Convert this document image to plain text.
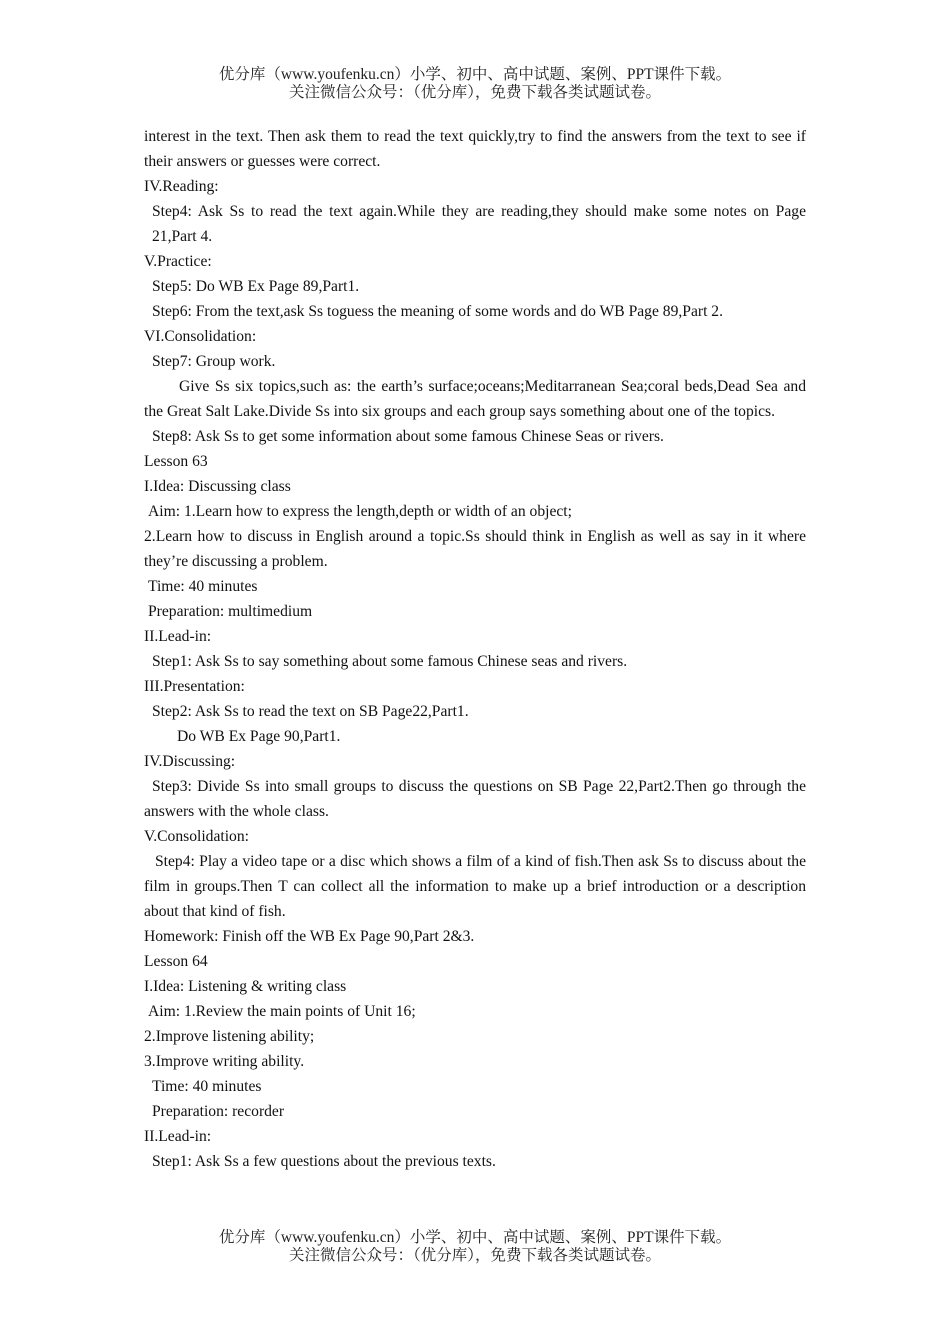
优分库（www.youfenku.cn）小学、初中、高中试题、案例、PPT课件下载。
关注微信公众号：（优分库），免费下载各类试题试卷。

interest in the text. Then ask them to read the text quickly,try to find the answers from the text to see if their answers or guesses were correct.

IV.Reading:

Step4: Ask Ss to read the text again.While they are reading,they should make some notes on Page 21,Part 4.

V.Practice:

Step5: Do WB Ex Page 89,Part1.

Step6: From the text,ask Ss toguess the meaning of some words and do WB Page 89,Part 2.

VI.Consolidation:

Step7: Group work.

Give Ss six topics,such as: the earth’s surface;oceans;Meditarranean Sea;coral beds,Dead Sea and the Great Salt Lake.Divide Ss into six groups and each group says something about one of the topics.

Step8: Ask Ss to get some information about some famous Chinese Seas or rivers.

Lesson 63

I.Idea: Discussing class

Aim: 1.Learn how to express the length,depth or width of an object;

2.Learn how to discuss in English around a topic.Ss should think in English as well as say in it where they’re discussing a problem.

Time: 40 minutes

Preparation: multimedium

II.Lead-in:

Step1: Ask Ss to say something about some famous Chinese seas and rivers.

III.Presentation:

Step2: Ask Ss to read the text on SB Page22,Part1.

Do WB Ex Page 90,Part1.

IV.Discussing:

Step3: Divide Ss into small groups to discuss the questions on SB Page 22,Part2.Then go through the answers with the whole class.

V.Consolidation:

Step4: Play a video tape or a disc which shows a film of a kind of fish.Then ask Ss to discuss about the film in groups.Then T can collect all the information to make up a brief introduction or a description about that kind of fish.

Homework: Finish off the WB Ex Page 90,Part 2&3.

Lesson 64

I.Idea: Listening & writing class

Aim: 1.Review the main points of Unit 16;

2.Improve listening ability;

3.Improve writing ability.

Time: 40 minutes

Preparation: recorder

II.Lead-in:

Step1: Ask Ss a few questions about the previous texts.

优分库（www.youfenku.cn）小学、初中、高中试题、案例、PPT课件下载。
关注微信公众号：（优分库），免费下载各类试题试卷。
